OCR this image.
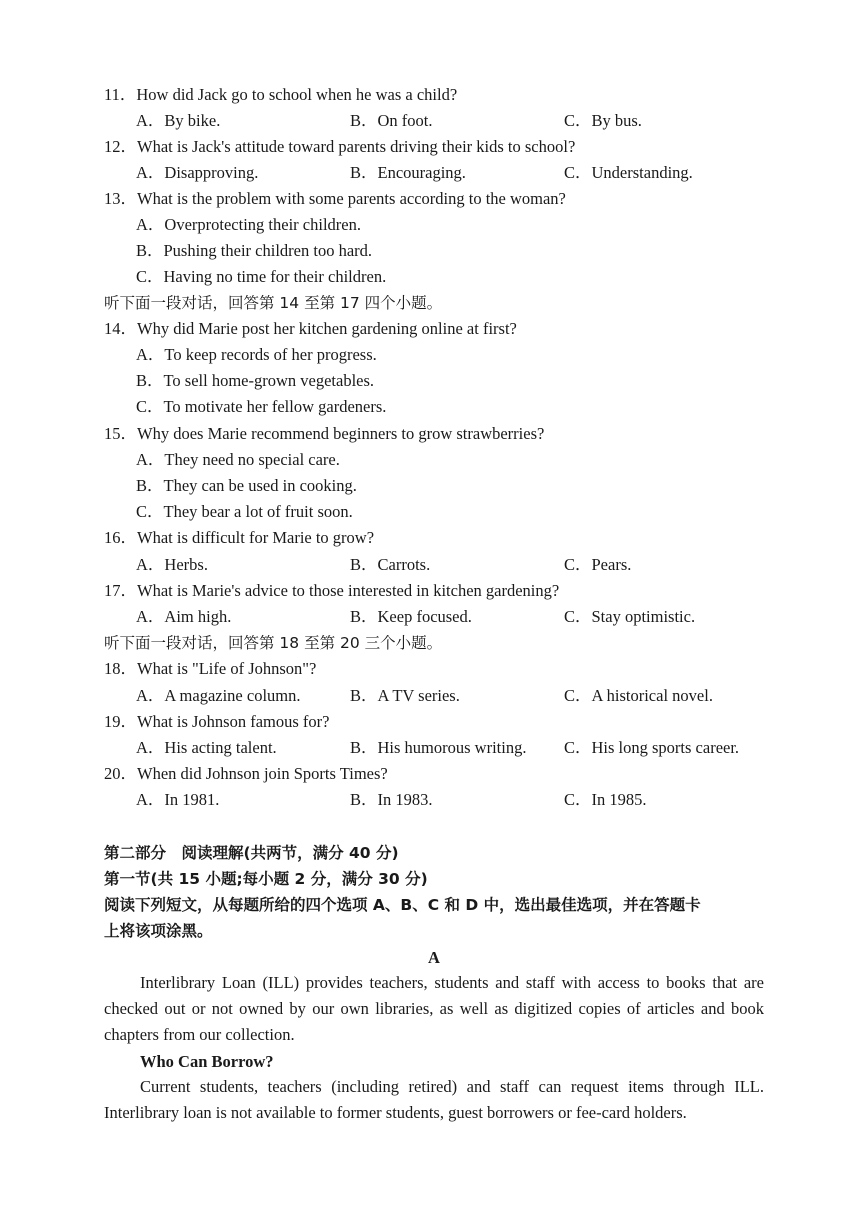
11．How did Jack go to school when he was a child?
A．By bike.	B．On foot.	C．By bus.
12．What is Jack's attitude toward parents driving their kids to school?
A．Disapproving.	B．Encouraging.	C．Understanding.
13．What is the problem with some parents according to the woman?
A．Overprotecting their children.
B．Pushing their children too hard.
C．Having no time for their children.
听下面一段对话，回答第 14 至第 17 四个小题。
14．Why did Marie post her kitchen gardening online at first?
A．To keep records of her progress.
B．To sell home-grown vegetables.
C．To motivate her fellow gardeners.
15．Why does Marie recommend beginners to grow strawberries?
A．They need no special care.
B．They can be used in cooking.
C．They bear a lot of fruit soon.
16．What is difficult for Marie to grow?
A．Herbs.	B．Carrots.	C．Pears.
17．What is Marie's advice to those interested in kitchen gardening?
A．Aim high.	B．Keep focused.	C．Stay optimistic.
听下面一段对话，回答第 18 至第 20 三个小题。
18．What is "Life of Johnson"?
A．A magazine column.	B．A TV series.	C．A historical novel.
19．What is Johnson famous for?
A．His acting talent.	B．His humorous writing. C．His long sports career.
20．When did Johnson join Sports Times?
A．In 1981.	B．In 1983.	C．In 1985.
第二部分　阅读理解(共两节，满分 40 分)
第一节(共 15 小题;每小题 2 分，满分 30 分)
阅读下列短文，从每题所给的四个选项 A、B、C 和 D 中，选出最佳选项，并在答题卡
上将该项涂黑。
A
Interlibrary Loan (ILL) provides teachers, students and staff with access to books that are checked out or not owned by our own libraries, as well as digitized copies of articles and book chapters from our collection.
Who Can Borrow?
Current students, teachers (including retired) and staff can request items through ILL. Interlibrary loan is not available to former students, guest borrowers or fee-card holders.
